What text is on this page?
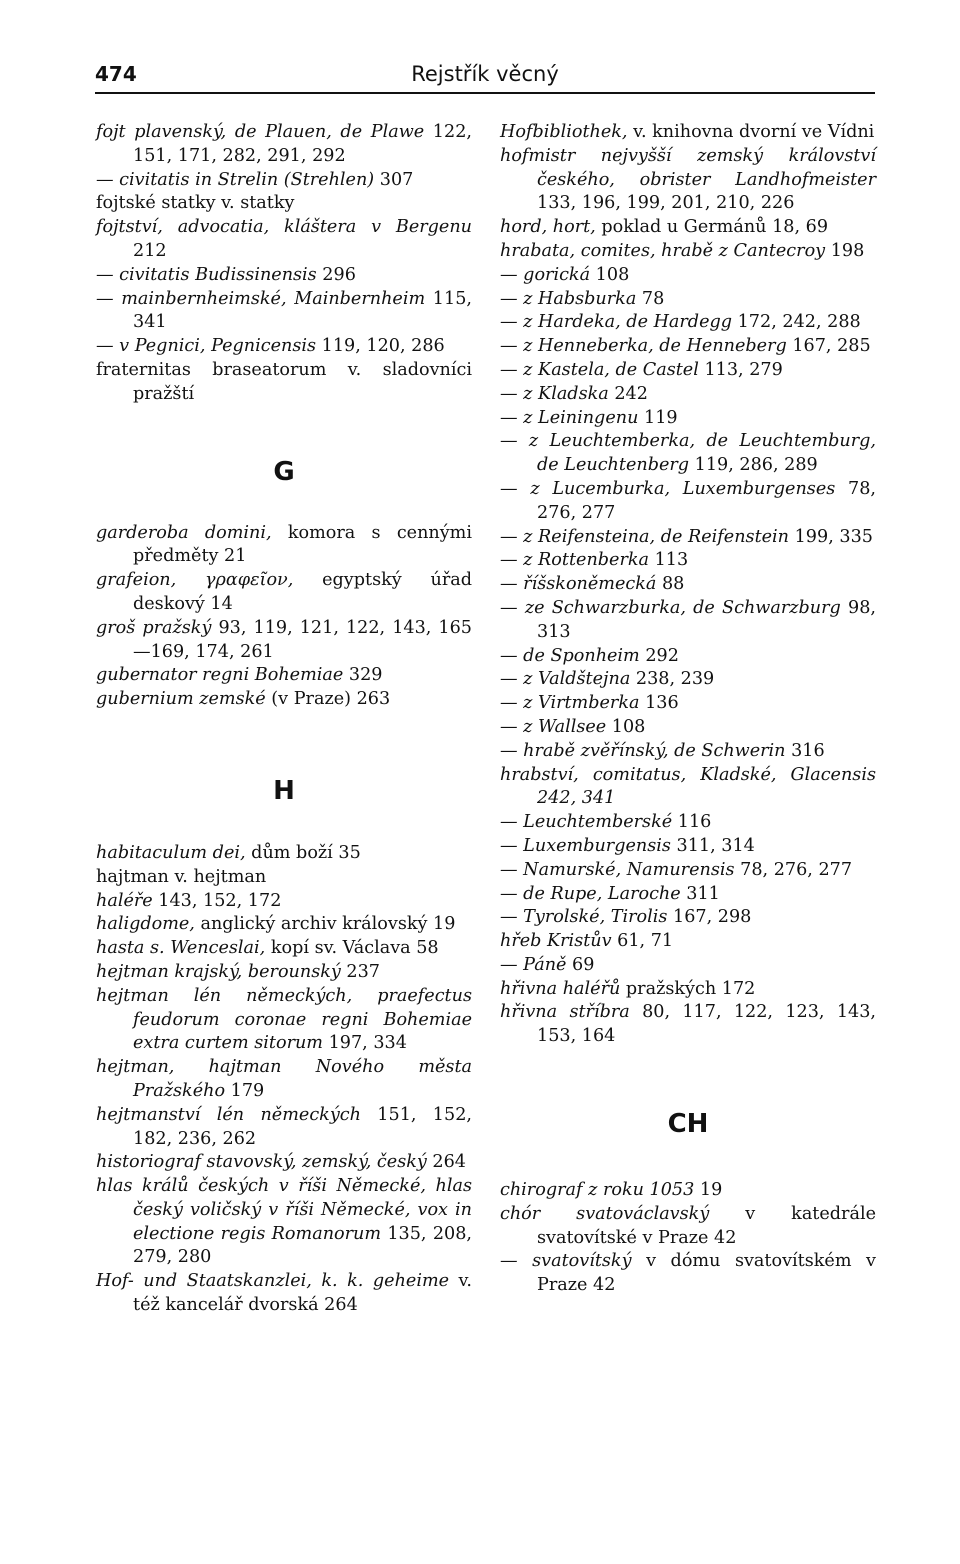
474	Rejstřík věcný
fojt plavenský, de Plauen, de Plawe 122, 151, 171, 282, 291, 292
— civitatis in Strelin (Strehlen) 307
fojtské statky v. statky
fojtství, advocatia, kláštera v Bergenu 212
— civitatis Budissinensis 296
— mainbernheimské, Mainbernheim 115, 341
— v Pegnici, Pegnicensis 119, 120, 286
fraternitas braseatorum v. sladovníci pražští
G
garderoba domini, komora s cennými předměty 21
grafeion, γραφεῖον, egyptský úřad deskový 14
groš pražský 93, 119, 121, 122, 143, 165—169, 174, 261
gubernator regni Bohemiae 329
gubernium zemské (v Praze) 263
H
habitaculum dei, dům boží 35
hajtman v. hejtman
haléře 143, 152, 172
haligdome, anglický archiv královský 19
hasta s. Wenceslai, kopí sv. Václava 58
hejtman krajský, berounský 237
hejtman lén německých, praefectus feudorum coronae regni Bohemiae extra curtem sitorum 197, 334
hejtman, hajtman Nového města Pražského 179
hejtmanství lén německých 151, 152, 182, 236, 262
historiograf stavovský, zemský, český 264
hlas králů českých v říši Německé, hlas český voličský v říši Německé, vox in electione regis Romanorum 135, 208, 279, 280
Hof- und Staatskanzlei, k. k. geheime v. též kancelář dvorská 264
Hofbibliothek, v. knihovna dvorní ve Vídni
hofmistr nejvyšší zemský království českého, obrister Landhofmeister 133, 196, 199, 201, 210, 226
hord, hort, poklad u Germánů 18, 69
hrabata, comites, hrabě z Cantecroy 198
— gorická 108
— z Habsburka 78
— z Hardeka, de Hardegg 172, 242, 288
— z Henneberka, de Henneberg 167, 285
— z Kastela, de Castel 113, 279
— z Kladska 242
— z Leiningenu 119
— z Leuchtemberka, de Leuchtemburg, de Leuchtenberg 119, 286, 289
— z Lucemburka, Luxemburgenses 78, 276, 277
— z Reifensteina, de Reifenstein 199, 335
— z Rottenberka 113
— říšskoněmecká 88
— ze Schwarzburka, de Schwarzburg 98, 313
— de Sponheim 292
— z Valdštejna 238, 239
— z Virtmberka 136
— z Wallsee 108
— hrabě zvěřínský, de Schwerin 316
hrabství, comitatus, Kladské, Glacensis 242, 341
— Leuchtemberské 116
— Luxemburgensis 311, 314
— Namurské, Namurensis 78, 276, 277
— de Rupe, Laroche 311
— Tyrolské, Tirolis 167, 298
hřeb Kristův 61, 71
— Páně 69
hřivna haléřů pražských 172
hřivna stříbra 80, 117, 122, 123, 143, 153, 164
CH
chirograf z roku 1053 19
chór svatováclavský v katedrále svatovítské v Praze 42
— svatovítský v dómu svatovítském v Praze 42
